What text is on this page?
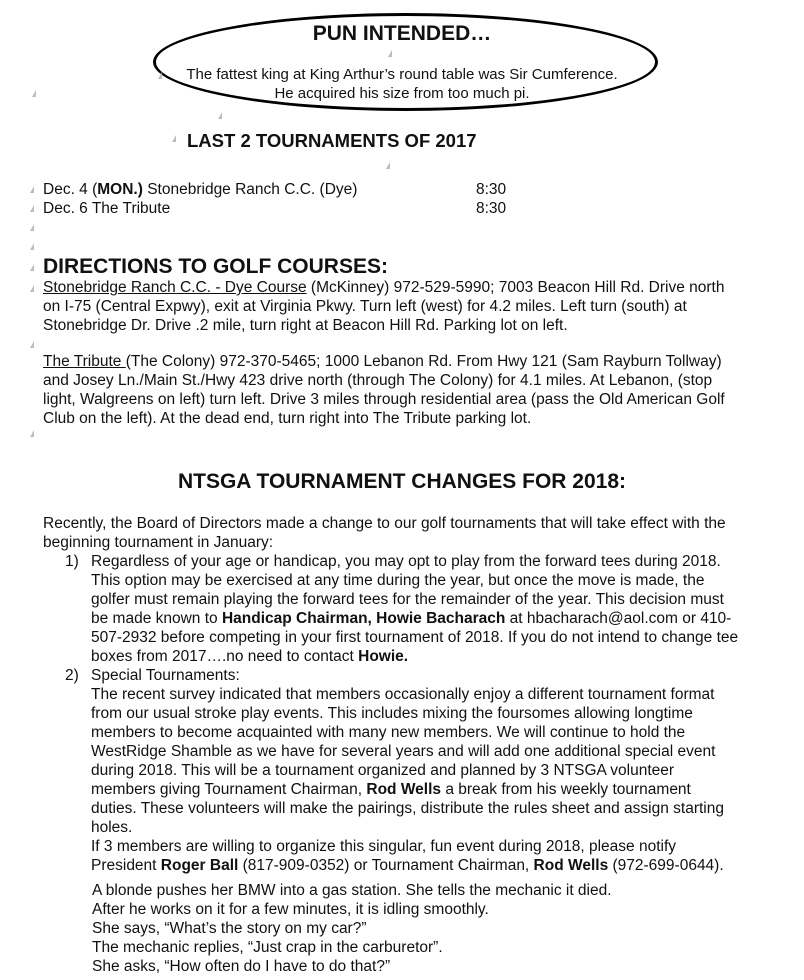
PUN INTENDED…
The fattest king at King Arthur’s round table was Sir Cumference.
He acquired his size from too much pi.
LAST 2 TOURNAMENTS OF 2017
Dec. 4 (MON.) Stonebridge Ranch C.C. (Dye)	8:30
Dec. 6 The Tribute	8:30
DIRECTIONS TO GOLF COURSES:

Stonebridge Ranch C.C. - Dye Course (McKinney) 972-529-5990; 7003 Beacon Hill Rd. Drive north

on I-75 (Central Expwy), exit at Virginia Pkwy. Turn left (west) for 4.2 miles. Left turn (south) at

Stonebridge Dr. Drive .2 mile, turn right at Beacon Hill Rd. Parking lot on left.

The Tribute (The Colony) 972-370-5465; 1000 Lebanon Rd. From Hwy 121 (Sam Rayburn Tollway)

and Josey Ln./Main St./Hwy 423 drive north (through The Colony) for 4.1 miles. At Lebanon, (stop

light, Walgreens on left) turn left. Drive 3 miles through residential area (pass the Old American Golf

Club on the left). At the dead end, turn right into The Tribute parking lot.

NTSGA TOURNAMENT CHANGES FOR 2018:

Recently, the Board of Directors made a change to our golf tournaments that will take effect with the

beginning tournament in January:

1) Regardless of your age or handicap, you may opt to play from the forward tees during 2018.

This option may be exercised at any time during the year, but once the move is made, the

golfer must remain playing the forward tees for the remainder of the year. This decision must

be made known to Handicap Chairman, Howie Bacharach at hbacharach@aol.com or 410-

507-2932 before competing in your first tournament of 2018. If you do not intend to change tee

boxes from 2017….no need to contact Howie.

2) Special Tournaments:

The recent survey indicated that members occasionally enjoy a different tournament format

from our usual stroke play events. This includes mixing the foursomes allowing longtime

members to become acquainted with many new members. We will continue to hold the

WestRidge Shamble as we have for several years and will add one additional special event

during 2018. This will be a tournament organized and planned by 3 NTSGA volunteer

members giving Tournament Chairman, Rod Wells a break from his weekly tournament

duties. These volunteers will make the pairings, distribute the rules sheet and assign starting

holes.

If 3 members are willing to organize this singular, fun event during 2018, please notify

President Roger Ball (817-909-0352) or Tournament Chairman, Rod Wells (972-699-0644).

A blonde pushes her BMW into a gas station. She tells the mechanic it died.

After he works on it for a few minutes, it is idling smoothly.

She says, “What’s the story on my car?”

The mechanic replies, “Just crap in the carburetor”.

She asks, “How often do I have to do that?”
